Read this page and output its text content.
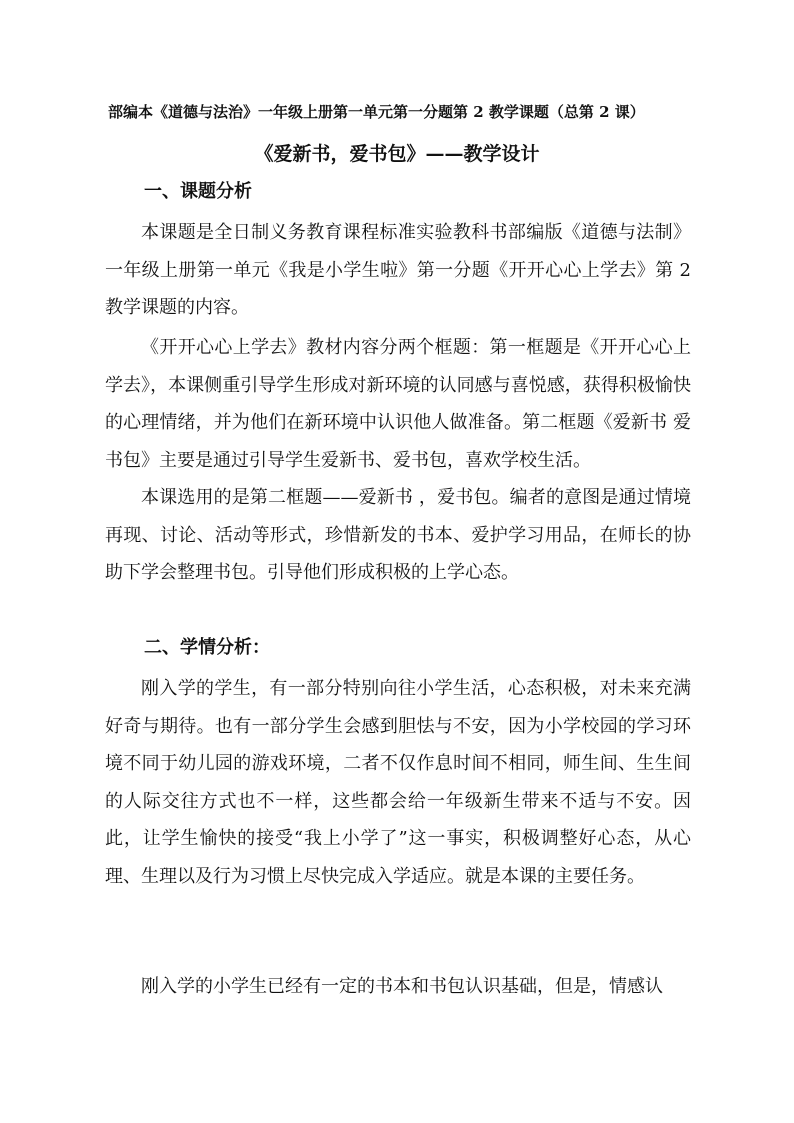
部编本《道德与法治》一年级上册第一单元第一分题第 2 教学课题（总第 2 课）
《爱新书，爱书包》——教学设计
一、课题分析

本课题是全日制义务教育课程标准实验教科书部编版《道德与法制》一年级上册第一单元《我是小学生啦》第一分题《开开心心上学去》第 2 教学课题的内容。

《开开心心上学去》教材内容分两个框题：第一框题是《开开心心上学去》，本课侧重引导学生形成对新环境的认同感与喜悦感，获得积极愉快的心理情绪，并为他们在新环境中认识他人做准备。第二框题《爱新书 爱书包》主要是通过引导学生爱新书、爱书包，喜欢学校生活。

本课选用的是第二框题——爱新书 ，爱书包。编者的意图是通过情境再现、讨论、活动等形式，珍惜新发的书本、爱护学习用品，在师长的协助下学会整理书包。引导他们形成积极的上学心态。

二、学情分析：

刚入学的学生，有一部分特别向往小学生活，心态积极，对未来充满好奇与期待。也有一部分学生会感到胆怯与不安，因为小学校园的学习环境不同于幼儿园的游戏环境，二者不仅作息时间不相同，师生间、生生间的人际交往方式也不一样，这些都会给一年级新生带来不适与不安。因此，让学生愉快的接受“我上小学了”这一事实，积极调整好心态，从心理、生理以及行为习惯上尽快完成入学适应。就是本课的主要任务。

刚入学的小学生已经有一定的书本和书包认识基础，但是，情感认
